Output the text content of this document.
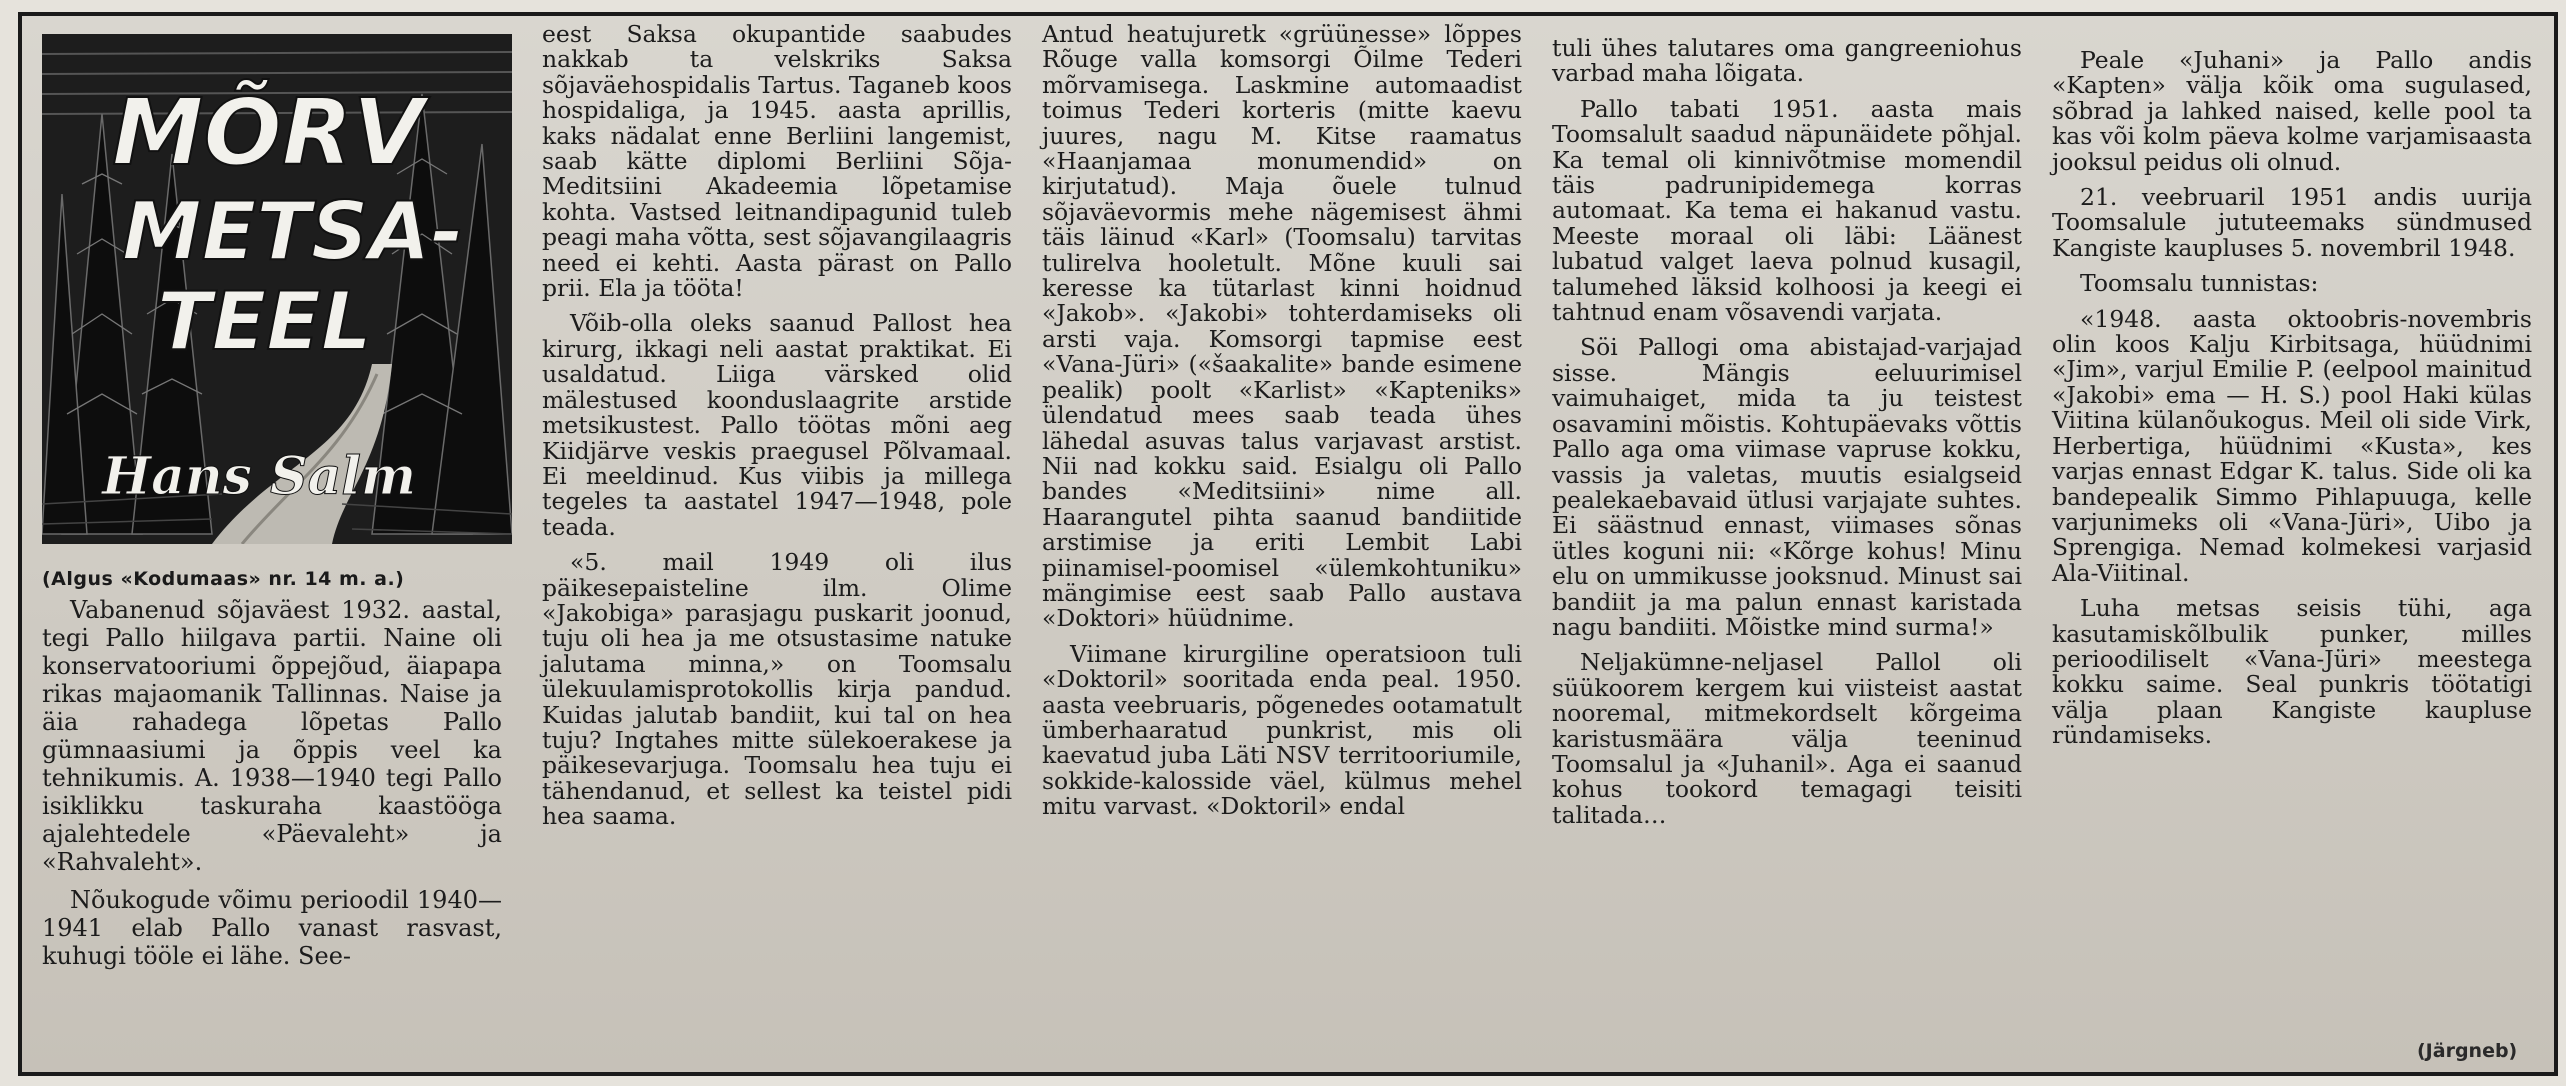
MÕRV
METSA-
TEEL
Hans Salm
(Algus «Kodumaas» nr. 14 m. a.)

Vabanenud sõjaväest 1932. aastal, tegi Pallo hiilgava partii. Naine oli konservatooriumi õppejõud, äiapapa rikas majaomanik Tallinnas. Naise ja äia rahadega lõpetas Pallo gümnaasiumi ja õppis veel ka tehnikumis. A. 1938—1940 tegi Pallo isiklikku taskuraha kaastööga ajalehtedele «Päevaleht» ja «Rahvaleht».

Nõukogude võimu perioodil 1940—1941 elab Pallo vanast rasvast, kuhugi tööle ei lähe. See-

eest Saksa okupantide saabudes nakkab ta velskriks Saksa sõjaväehospidalis Tartus. Taganeb koos hospidaliga, ja 1945. aasta aprillis, kaks nädalat enne Berliini langemist, saab kätte diplomi Berliini Sõja-Meditsiini Akadeemia lõpetamise kohta. Vastsed leitnandipagunid tuleb peagi maha võtta, sest sõjavangilaagris need ei kehti. Aasta pärast on Pallo prii. Ela ja tööta!

Võib-olla oleks saanud Pallost hea kirurg, ikkagi neli aastat praktikat. Ei usaldatud. Liiga värsked olid mälestused koonduslaagrite arstide metsikustest. Pallo töötas mõni aeg Kiidjärve veskis praegusel Põlvamaal. Ei meeldinud. Kus viibis ja millega tegeles ta aastatel 1947—1948, pole teada.

«5. mail 1949 oli ilus päikesepaisteline ilm. Olime «Jakobiga» parasjagu puskarit joonud, tuju oli hea ja me otsustasime natuke jalutama minna,» on Toomsalu ülekuulamisprotokollis kirja pandud. Kuidas jalutab bandiit, kui tal on hea tuju? Ingtahes mitte sülekoerakese ja päikesevarjuga. Toomsalu hea tuju ei tähendanud, et sellest ka teistel pidi hea saama.

Antud heatujuretk «grüünesse» lõppes Rõuge valla komsorgi Õilme Tederi mõrvamisega. Laskmine automaadist toimus Tederi korteris (mitte kaevu juures, nagu M. Kitse raamatus «Haanjamaa monumendid» on kirjutatud). Maja õuele tulnud sõjaväevormis mehe nägemisest ähmi täis läinud «Karl» (Toomsalu) tarvitas tulirelva hooletult. Mõne kuuli sai keresse ka tütarlast kinni hoidnud «Jakob». «Jakobi» tohterdamiseks oli arsti vaja. Komsorgi tapmise eest «Vana-Jüri» («šaakalite» bande esimene pealik) poolt «Karlist» «Kapteniks» ülendatud mees saab teada ühes lähedal asuvas talus varjavast arstist. Nii nad kokku said. Esialgu oli Pallo bandes «Meditsiini» nime all. Haarangutel pihta saanud bandiitide arstimise ja eriti Lembit Labi piinamisel-poomisel «ülemkohtuniku» mängimise eest saab Pallo austava «Doktori» hüüdnime.

Viimane kirurgiline operatsioon tuli «Doktoril» sooritada enda peal. 1950. aasta veebruaris, põgenedes ootamatult ümberhaaratud punkrist, mis oli kaevatud juba Läti NSV territooriumile, sokkide-kalosside väel, külmus mehel mitu varvast. «Doktoril» endal

tuli ühes talutares oma gangreeniohus varbad maha lõigata.

Pallo tabati 1951. aasta mais Toomsalult saadud näpunäidete põhjal. Ka temal oli kinnivõtmise momendil täis padrunipidemega korras automaat. Ka tema ei hakanud vastu. Meeste moraal oli läbi: Läänest lubatud valget laeva polnud kusagil, talumehed läksid kolhoosi ja keegi ei tahtnud enam võsavendi varjata.

Söi Pallogi oma abistajad-varjajad sisse. Mängis eeluurimisel vaimuhaiget, mida ta ju teistest osavamini mõistis. Kohtupäevaks võttis Pallo aga oma viimase vapruse kokku, vassis ja valetas, muutis esialgseid pealekaebavaid ütlusi varjajate suhtes. Ei säästnud ennast, viimases sõnas ütles koguni nii: «Kõrge kohus! Minu elu on ummikusse jooksnud. Minust sai bandiit ja ma palun ennast karistada nagu bandiiti. Mõistke mind surma!»

Neljakümne-neljasel Pallol oli süükoorem kergem kui viisteist aastat nooremal, mitmekordselt kõrgeima karistusmäära välja teeninud Toomsalul ja «Juhanil». Aga ei saanud kohus tookord temagagi teisiti talitada…

Peale «Juhani» ja Pallo andis «Kapten» välja kõik oma sugulased, sõbrad ja lahked naised, kelle pool ta kas või kolm päeva kolme varjamisaasta jooksul peidus oli olnud.

21. veebruaril 1951 andis uurija Toomsalule jututeemaks sündmused Kangiste kaupluses 5. novembril 1948.

Toomsalu tunnistas:

«1948. aasta oktoobris-novembris olin koos Kalju Kirbitsaga, hüüdnimi «Jim», varjul Emilie P. (eelpool mainitud «Jakobi» ema — H. S.) pool Haki külas Viitina külanõukogus. Meil oli side Virk, Herbertiga, hüüdnimi «Kusta», kes varjas ennast Edgar K. talus. Side oli ka bandepealik Simmo Pihlapuuga, kelle varjunimeks oli «Vana-Jüri», Uibo ja Sprengiga. Nemad kolmekesi varjasid Ala-Viitinal.

Luha metsas seisis tühi, aga kasutamiskõlbulik punker, milles perioodiliselt «Vana-Jüri» meestega kokku saime. Seal punkris töötatigi välja plaan Kangiste kaupluse ründamiseks.

(Järgneb)
